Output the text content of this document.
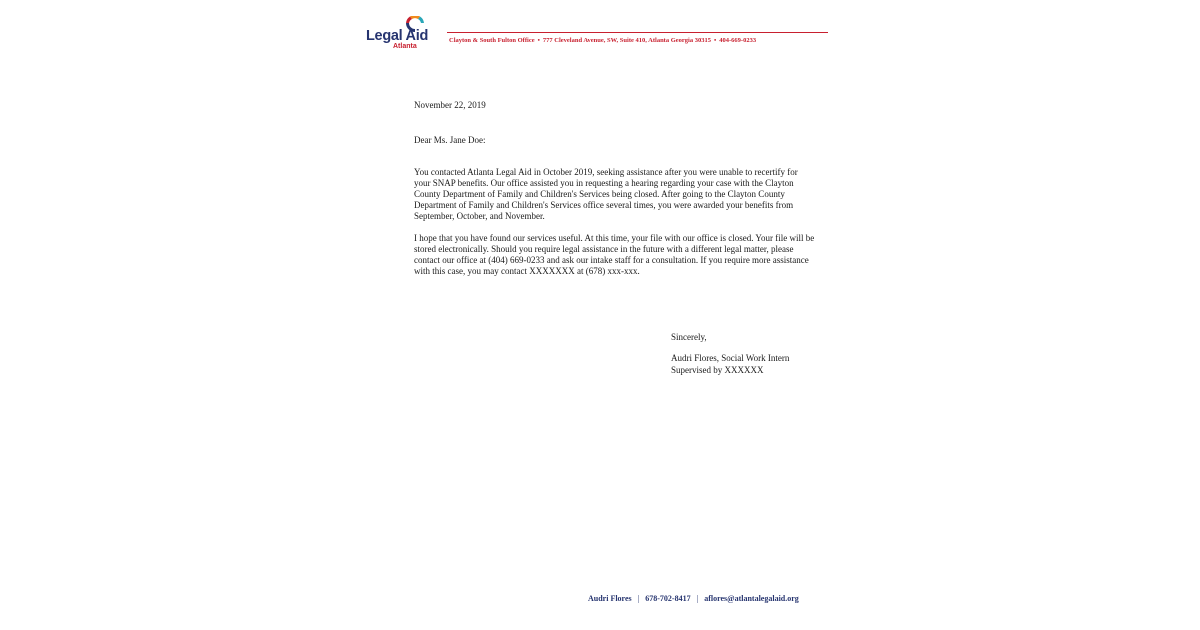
Legal Aid
Atlanta
Clayton & South Fulton Office • 777 Cleveland Avenue, SW, Suite 410, Atlanta Georgia 30315 • 404-669-0233
November 22, 2019
Dear Ms. Jane Doe:

You contacted Atlanta Legal Aid in October 2019, seeking assistance after you were unable to recertify for your SNAP benefits. Our office assisted you in requesting a hearing regarding your case with the Clayton County Department of Family and Children's Services being closed. After going to the Clayton County Department of Family and Children's Services office several times, you were awarded your benefits from September, October, and November.

I hope that you have found our services useful. At this time, your file with our office is closed. Your file will be stored electronically. Should you require legal assistance in the future with a different legal matter, please contact our office at (404) 669-0233 and ask our intake staff for a consultation. If you require more assistance with this case, you may contact XXXXXXX at (678) xxx-xxx.

Sincerely,
Audri Flores, Social Work Intern
Supervised by XXXXXX
Audri Flores | 678-702-8417 | aflores@atlantalegalaid.org
